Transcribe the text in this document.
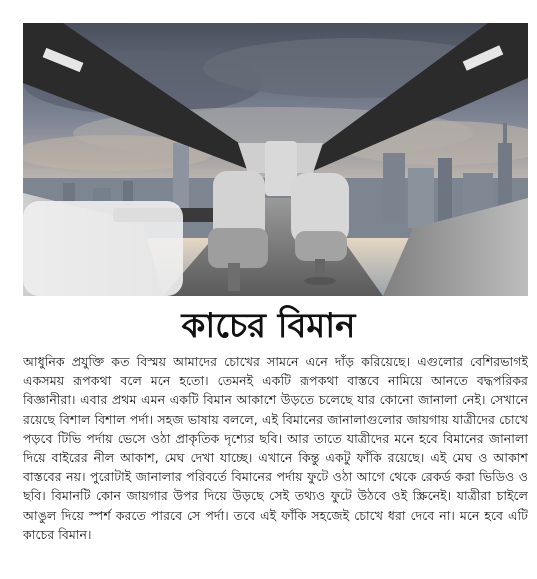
কাচের বিমান

আধুনিক প্রযুক্তি কত বিস্ময় আমাদের চোখের সামনে এনে দাঁড় করিয়েছে। এগুলোর বেশিরভাগই একসময় রূপকথা বলে মনে হতো। তেমনই একটি রূপকথা বাস্তবে নামিয়ে আনতে বদ্ধপরিকর বিজ্ঞানীরা। এবার প্রথম এমন একটি বিমান আকাশে উড়তে চলেছে যার কোনো জানালা নেই। সেখানে রয়েছে বিশাল বিশাল পর্দা। সহজ ভাষায় বললে, এই বিমানের জানালাগুলোর জায়গায় যাত্রীদের চোখে পড়বে টিভি পর্দায় ভেসে ওঠা প্রাকৃতিক দৃশ্যের ছবি। আর তাতে যাত্রীদের মনে হবে বিমানের জানালা দিয়ে বাইরের নীল আকাশ, মেঘ দেখা যাচ্ছে। এখানে কিন্তু একটু ফাঁকি রয়েছে। এই মেঘ ও আকাশ বাস্তবের নয়। পুরোটাই জানালার পরিবর্তে বিমানের পর্দায় ফুটে ওঠা আগে থেকে রেকর্ড করা ভিডিও ও ছবি। বিমানটি কোন জায়গার উপর দিয়ে উড়ছে সেই তথ্যও ফুটে উঠবে ওই স্ক্রিনেই। যাত্রীরা চাইলে আঙুল দিয়ে স্পর্শ করতে পারবে সে পর্দা। তবে এই ফাঁকি সহজেই চোখে ধরা দেবে না। মনে হবে এটি কাচের বিমান।
